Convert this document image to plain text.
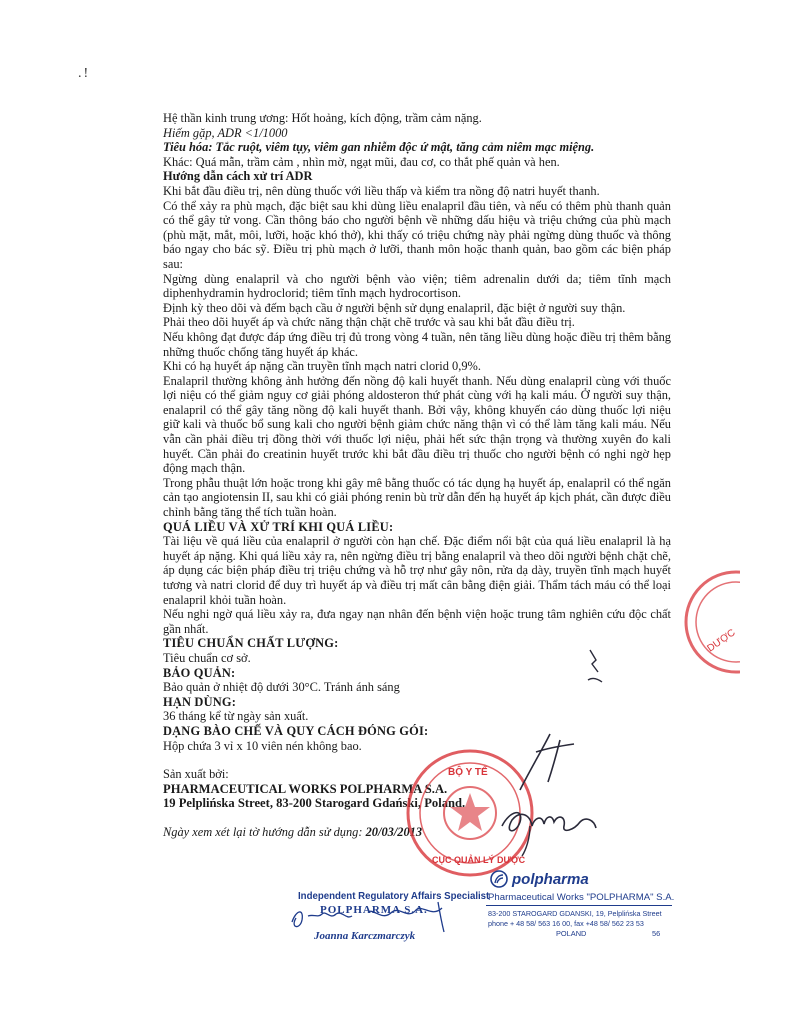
.!

Hệ thần kinh trung ương: Hốt hoảng, kích động, trầm cảm nặng.

Hiếm gặp, ADR <1/1000

Tiêu hóa: Tắc ruột, viêm tụy, viêm gan nhiễm độc ứ mật, tăng cảm niêm mạc miệng.

Khác: Quá mẫn, trầm cảm , nhìn mờ, ngạt mũi, đau cơ, co thắt phế quản và hen.

Hướng dẫn cách xử trí ADR

Khi bắt đầu điều trị, nên dùng thuốc với liều thấp và kiểm tra nồng độ natri huyết thanh.

Có thể xảy ra phù mạch, đặc biệt sau khi dùng liều enalapril đầu tiên, và nếu có thêm phù thanh quản có thể gây tử vong. Cần thông báo cho người bệnh về những dấu hiệu và triệu chứng của phù mạch (phù mặt, mắt, môi, lưỡi, hoặc khó thở), khi thấy có triệu chứng này phải ngừng dùng thuốc và thông báo ngay cho bác sỹ. Điều trị phù mạch ở lưỡi, thanh môn hoặc thanh quản, bao gồm các biện pháp sau:

Ngừng dùng enalapril và cho người bệnh vào viện; tiêm adrenalin dưới da; tiêm tĩnh mạch diphenhydramin hydroclorid; tiêm tĩnh mạch hydrocortison.

Định kỳ theo dõi và đếm bạch cầu ở người bệnh sử dụng enalapril, đặc biệt ở người suy thận.

Phải theo dõi huyết áp và chức năng thận chặt chẽ trước và sau khi bắt đầu điều trị.

Nếu không đạt được đáp ứng điều trị đủ trong vòng 4 tuần, nên tăng liều dùng hoặc điều trị thêm bằng những thuốc chống tăng huyết áp khác.

Khi có hạ huyết áp nặng cần truyền tĩnh mạch natri clorid 0,9%.

Enalapril thường không ảnh hưởng đến nồng độ kali huyết thanh. Nếu dùng enalapril cùng với thuốc lợi niệu có thể giảm nguy cơ giải phóng aldosteron thứ phát cùng với hạ kali máu. Ở người suy thận, enalapril có thể gây tăng nồng độ kali huyết thanh. Bởi vậy, không khuyến cáo dùng thuốc lợi niệu giữ kali và thuốc bổ sung kali cho người bệnh giảm chức năng thận vì có thể làm tăng kali máu. Nếu vẫn cần phải điều trị đồng thời với thuốc lợi niệu, phải hết sức thận trọng và thường xuyên đo kali huyết. Cần phải đo creatinin huyết trước khi bắt đầu điều trị thuốc cho người bệnh có nghi ngờ hẹp động mạch thận.

Trong phẫu thuật lớn hoặc trong khi gây mê bằng thuốc có tác dụng hạ huyết áp, enalapril có thể ngăn cản tạo angiotensin II, sau khi có giải phóng renin bù trừ dẫn đến hạ huyết áp kịch phát, cần được điều chỉnh bằng tăng thể tích tuần hoàn.

QUÁ LIỀU VÀ XỬ TRÍ KHI QUÁ LIỀU:

Tài liệu về quá liều của enalapril ở người còn hạn chế. Đặc điểm nổi bật của quá liều enalapril là hạ huyết áp nặng. Khi quá liều xảy ra, nên ngừng điều trị bằng enalapril và theo dõi người bệnh chặt chẽ, áp dụng các biện pháp điều trị triệu chứng và hỗ trợ như gây nôn, rửa dạ dày, truyền tĩnh mạch huyết tương và natri clorid để duy trì huyết áp và điều trị mất cân bằng điện giải. Thẩm tách máu có thể loại enalapril khỏi tuần hoàn.

Nếu nghi ngờ quá liều xảy ra, đưa ngay nạn nhân đến bệnh viện hoặc trung tâm nghiên cứu độc chất gần nhất.

TIÊU CHUẨN CHẤT LƯỢNG:

Tiêu chuẩn cơ sở.

BẢO QUẢN:

Bảo quản ở nhiệt độ dưới 30°C. Tránh ánh sáng

HẠN DÙNG:

36 tháng kể từ ngày sản xuất.

DẠNG BÀO CHẾ VÀ QUY CÁCH ĐÓNG GÓI:

Hộp chứa 3 vỉ x 10 viên nén không bao.

Sản xuất bởi:

PHARMACEUTICAL WORKS POLPHARMA S.A.

19 Pelplińska Street, 83-200 Starogard Gdański, Poland.

Ngày xem xét lại tờ hướng dẫn sử dụng: 20/03/2013

DƯỢC
BỘ Y TẾ
CỤC QUẢN LÝ DƯỢC
Independent Regulatory Affairs Specialist
POLPHARMA S.A.
Joanna Karczmarczyk
polpharma
Pharmaceutical Works "POLPHARMA" S.A.
83-200 STAROGARD GDANSKI, 19, Pelplińska Street
phone + 48 58/ 563 16 00, fax +48 58/ 562 23 53
POLAND	56
